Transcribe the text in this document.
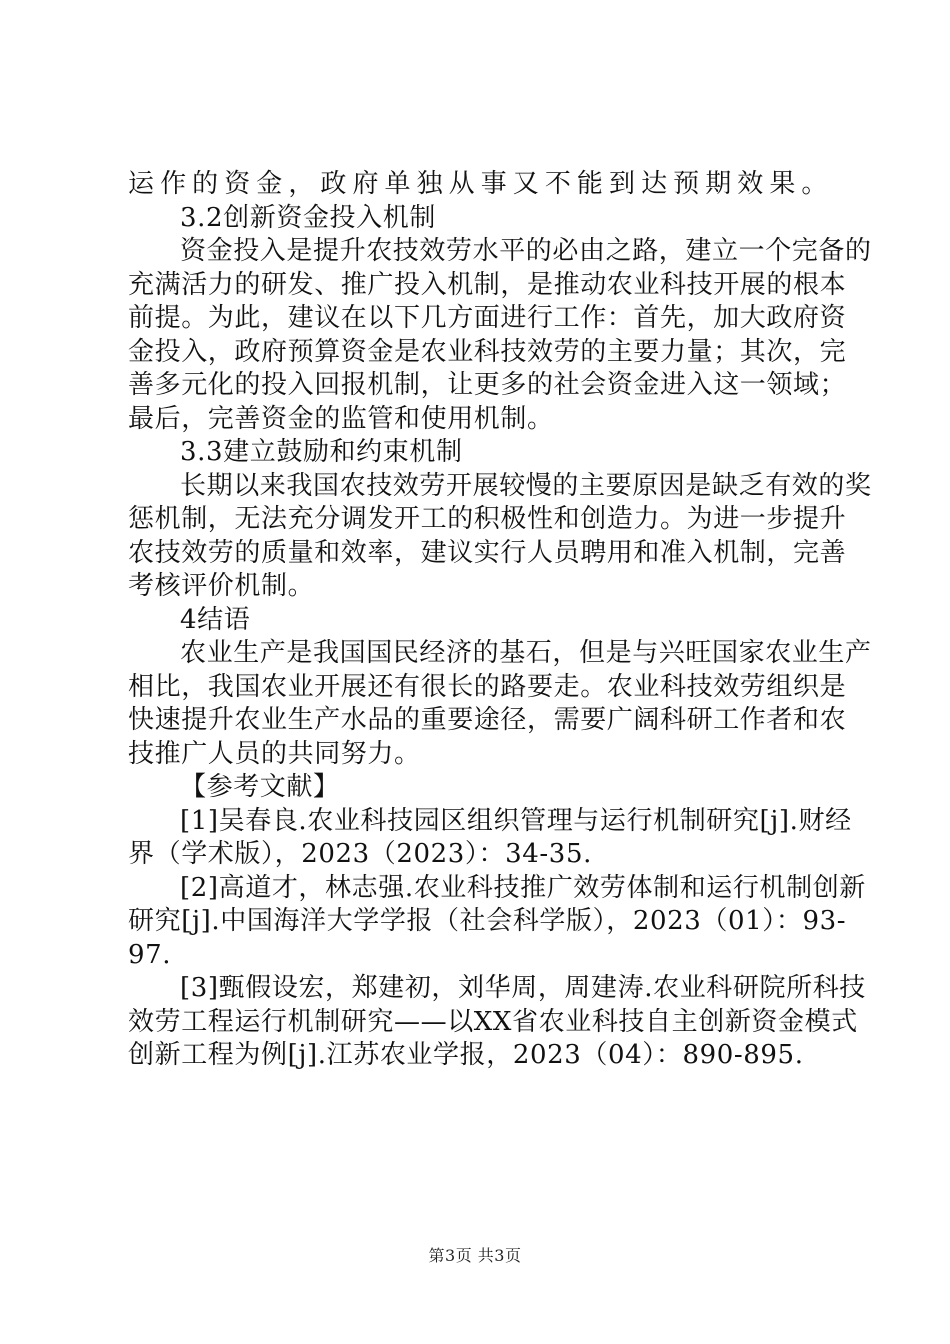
运作的资金，政府单独从事又不能到达预期效果。
3.2创新资金投入机制
资金投入是提升农技效劳水平的必由之路，建立一个完备的
充满活力的研发、推广投入机制，是推动农业科技开展的根本
前提。为此，建议在以下几方面进行工作：首先，加大政府资
金投入，政府预算资金是农业科技效劳的主要力量；其次，完
善多元化的投入回报机制，让更多的社会资金进入这一领域；
最后，完善资金的监管和使用机制。
3.3建立鼓励和约束机制
长期以来我国农技效劳开展较慢的主要原因是缺乏有效的奖
惩机制，无法充分调发开工的积极性和创造力。为进一步提升
农技效劳的质量和效率，建议实行人员聘用和准入机制，完善
考核评价机制。
4结语
农业生产是我国国民经济的基石，但是与兴旺国家农业生产
相比，我国农业开展还有很长的路要走。农业科技效劳组织是
快速提升农业生产水品的重要途径，需要广阔科研工作者和农
技推广人员的共同努力。
【参考文献】
[1]吴春良.农业科技园区组织管理与运行机制研究[j].财经
界（学术版），2023（2023）：34-35.
[2]高道才，林志强.农业科技推广效劳体制和运行机制创新
研究[j].中国海洋大学学报（社会科学版），2023（01）：93-
97.
[3]甄假设宏，郑建初，刘华周，周建涛.农业科研院所科技
效劳工程运行机制研究——以XX省农业科技自主创新资金模式
创新工程为例[j].江苏农业学报，2023（04）：890-895.
第3页 共3页
